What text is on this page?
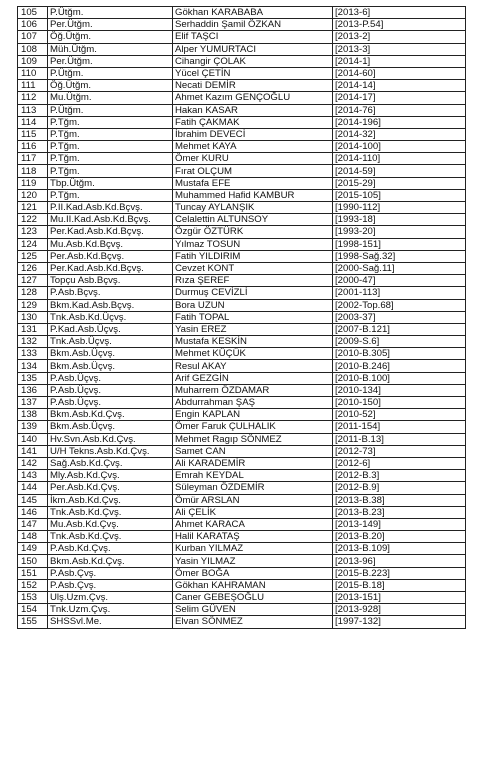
105	P.Ütğm.	Gökhan KARABABA	[2013-6]
106	Per.Ütğm.	Serhaddin Şamil ÖZKAN	[2013-P.54]
107	Öğ.Ütğm.	Elif TAŞCI	[2013-2]
108	Müh.Ütğm.	Alper YUMURTACI	[2013-3]
109	Per.Ütğm.	Cihangir ÇOLAK	[2014-1]
110	P.Ütğm.	Yücel ÇETİN	[2014-60]
111	Öğ.Ütğm.	Necati DEMİR	[2014-14]
112	Mu.Ütğm.	Ahmet Kazım GENÇOĞLU	[2014-17]
113	P.Ütğm.	Hakan KASAR	[2014-76]
114	P.Tğm.	Fatih ÇAKMAK	[2014-196]
115	P.Tğm.	İbrahim DEVECİ	[2014-32]
116	P.Tğm.	Mehmet KAYA	[2014-100]
117	P.Tğm.	Ömer KURU	[2014-110]
118	P.Tğm.	Fırat OLÇUM	[2014-59]
119	Tbp.Ütğm.	Mustafa EFE	[2015-29]
120	P.Tğm.	Muhammed Hafid KAMBUR	[2015-105]
121	P.II.Kad.Asb.Kd.Bçvş.	Tuncay AYLANŞIK	[1990-112]
122	Mu.II.Kad.Asb.Kd.Bçvş.	Celalettin ALTUNSOY	[1993-18]
123	Per.Kad.Asb.Kd.Bçvş.	Özgür ÖZTÜRK	[1993-20]
124	Mu.Asb.Kd.Bçvş.	Yılmaz TOSUN	[1998-151]
125	Per.Asb.Kd.Bçvş.	Fatih YILDIRIM	[1998-Sağ.32]
126	Per.Kad.Asb.Kd.Bçvş.	Cevzet KONT	[2000-Sağ.11]
127	Topçu Asb.Bçvş.	Rıza ŞEREF	[2000-47]
128	P.Asb.Bçvş.	Durmuş CEVİZLİ	[2001-113]
129	Bkm.Kad.Asb.Bçvş.	Bora UZUN	[2002-Top.68]
130	Tnk.Asb.Kd.Üçvş.	Fatih TOPAL	[2003-37]
131	P.Kad.Asb.Üçvş.	Yasin EREZ	[2007-B.121]
132	Tnk.Asb.Üçvş.	Mustafa KESKİN	[2009-S.6]
133	Bkm.Asb.Üçvş.	Mehmet KÜÇÜK	[2010-B.305]
134	Bkm.Asb.Üçvş.	Resul AKAY	[2010-B.246]
135	P.Asb.Üçvş.	Arif GEZGİN	[2010-B.100]
136	P.Asb.Üçvş.	Muharrem ÖZDAMAR	[2010-134]
137	P.Asb.Üçvş.	Abdurrahman ŞAŞ	[2010-150]
138	Bkm.Asb.Kd.Çvş.	Engin KAPLAN	[2010-52]
139	Bkm.Asb.Üçvş.	Ömer Faruk ÇULHALIK	[2011-154]
140	Hv.Svn.Asb.Kd.Çvş.	Mehmet Ragıp SÖNMEZ	[2011-B.13]
141	U/H Tekns.Asb.Kd.Çvş.	Samet CAN	[2012-73]
142	Sağ.Asb.Kd.Çvş.	Ali KARADEMİR	[2012-6]
143	Mly.Asb.Kd.Çvş.	Emrah KEYDAL	[2012-B.3]
144	Per.Asb.Kd.Çvş.	Süleyman ÖZDEMİR	[2012-B.9]
145	İkm.Asb.Kd.Çvş.	Ömür ARSLAN	[2013-B.38]
146	Tnk.Asb.Kd.Çvş.	Ali ÇELİK	[2013-B.23]
147	Mu.Asb.Kd.Çvş.	Ahmet KARACA	[2013-149]
148	Tnk.Asb.Kd.Çvş.	Halil KARATAŞ	[2013-B.20]
149	P.Asb.Kd.Çvş.	Kurban YILMAZ	[2013-B.109]
150	Bkm.Asb.Kd.Çvş.	Yasin YILMAZ	[2013-96]
151	P.Asb.Çvş.	Ömer BOĞA	[2015-B.223]
152	P.Asb.Çvş.	Gökhan KAHRAMAN	[2015-B.18]
153	Ulş.Uzm.Çvş.	Caner GEBEŞOĞLU	[2013-151]
154	Tnk.Uzm.Çvş.	Selim GÜVEN	[2013-928]
155	SHSSvl.Me.	Elvan SÖNMEZ	[1997-132]
